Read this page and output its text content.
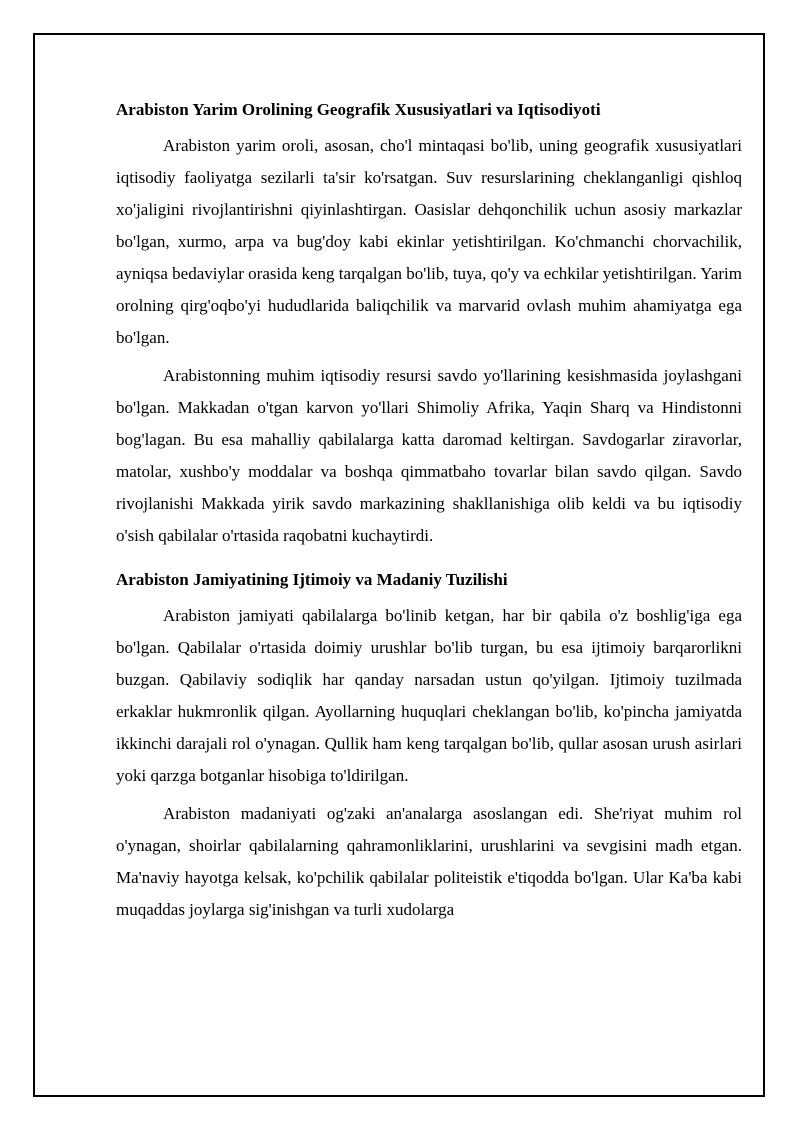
Arabiston Yarim Orolining Geografik Xususiyatlari va Iqtisodiyoti

Arabiston yarim oroli, asosan, cho'l mintaqasi bo'lib, uning geografik xususiyatlari iqtisodiy faoliyatga sezilarli ta'sir ko'rsatgan. Suv resurslarining cheklanganligi qishloq xo'jaligini rivojlantirishni qiyinlashtirgan. Oasislar dehqonchilik uchun asosiy markazlar bo'lgan, xurmo, arpa va bug'doy kabi ekinlar yetishtirilgan. Ko'chmanchi chorvachilik, ayniqsa bedaviylar orasida keng tarqalgan bo'lib, tuya, qo'y va echkilar yetishtirilgan. Yarim orolning qirg'oqbo'yi hududlarida baliqchilik va marvarid ovlash muhim ahamiyatga ega bo'lgan.

Arabistonning muhim iqtisodiy resursi savdo yo'llarining kesishmasida joylashgani bo'lgan. Makkadan o'tgan karvon yo'llari Shimoliy Afrika, Yaqin Sharq va Hindistonni bog'lagan. Bu esa mahalliy qabilalarga katta daromad keltirgan. Savdogarlar ziravorlar, matolar, xushbo'y moddalar va boshqa qimmatbaho tovarlar bilan savdo qilgan. Savdo rivojlanishi Makkada yirik savdo markazining shakllanishiga olib keldi va bu iqtisodiy o'sish qabilalar o'rtasida raqobatni kuchaytirdi.

Arabiston Jamiyatining Ijtimoiy va Madaniy Tuzilishi

Arabiston jamiyati qabilalarga bo'linib ketgan, har bir qabila o'z boshlig'iga ega bo'lgan. Qabilalar o'rtasida doimiy urushlar bo'lib turgan, bu esa ijtimoiy barqarorlikni buzgan. Qabilaviy sodiqlik har qanday narsadan ustun qo'yilgan. Ijtimoiy tuzilmada erkaklar hukmronlik qilgan. Ayollarning huquqlari cheklangan bo'lib, ko'pincha jamiyatda ikkinchi darajali rol o'ynagan. Qullik ham keng tarqalgan bo'lib, qullar asosan urush asirlari yoki qarzga botganlar hisobiga to'ldirilgan.

Arabiston madaniyati og'zaki an'analarga asoslangan edi. She'riyat muhim rol o'ynagan, shoirlar qabilalarning qahramonliklarini, urushlarini va sevgisini madh etgan. Ma'naviy hayotga kelsak, ko'pchilik qabilalar politeistik e'tiqodda bo'lgan. Ular Ka'ba kabi muqaddas joylarga sig'inishgan va turli xudolarga
